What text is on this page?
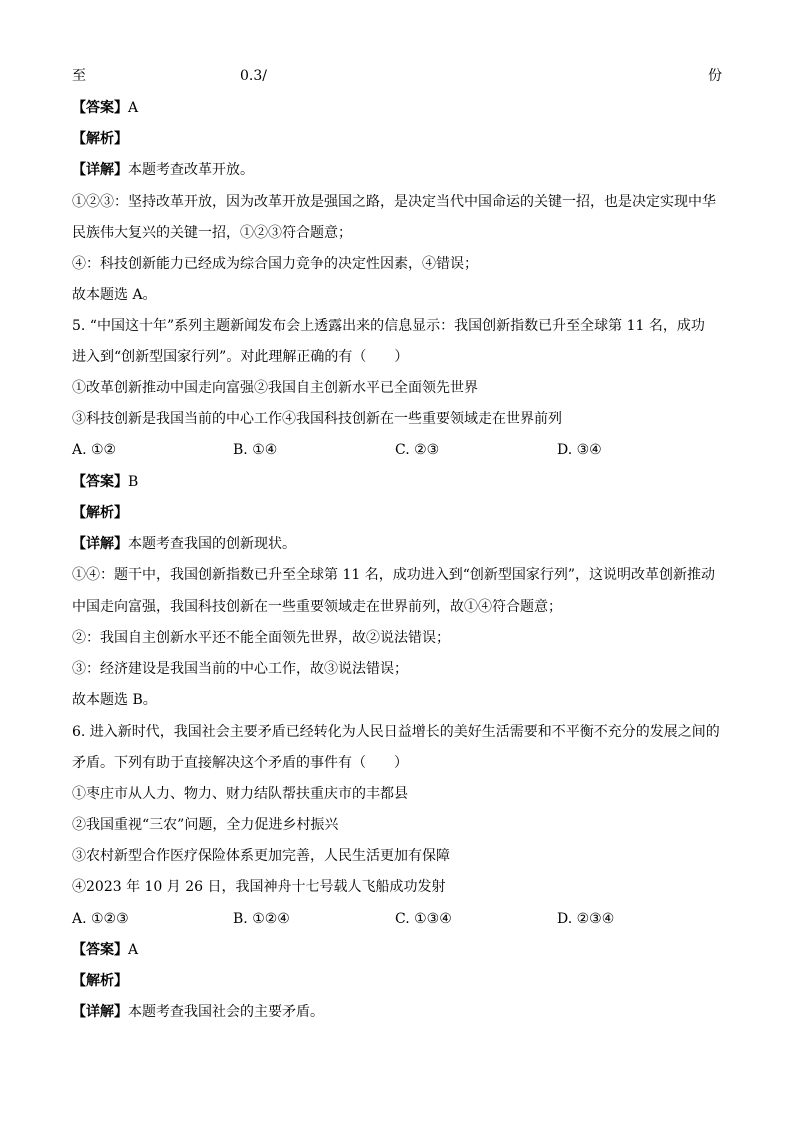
至	0.3/	份
【答案】A
【解析】
【详解】本题考查改革开放。
①②③：坚持改革开放，因为改革开放是强国之路，是决定当代中国命运的关键一招，也是决定实现中华
民族伟大复兴的关键一招，①②③符合题意；
④：科技创新能力已经成为综合国力竞争的决定性因素，④错误；
故本题选 A。
5. “中国这十年”系列主题新闻发布会上透露出来的信息显示：我国创新指数已升至全球第 11 名，成功
进入到“创新型国家行列”。对此理解正确的有（　　）
①改革创新推动中国走向富强②我国自主创新水平已全面领先世界
③科技创新是我国当前的中心工作④我国科技创新在一些重要领域走在世界前列
A. ①②	B. ①④	C. ②③	D. ③④
【答案】B
【解析】
【详解】本题考查我国的创新现状。
①④：题干中，我国创新指数已升至全球第 11 名，成功进入到“创新型国家行列”，这说明改革创新推动
中国走向富强，我国科技创新在一些重要领域走在世界前列，故①④符合题意；
②：我国自主创新水平还不能全面领先世界，故②说法错误；
③：经济建设是我国当前的中心工作，故③说法错误；
故本题选 B。
6. 进入新时代，我国社会主要矛盾已经转化为人民日益增长的美好生活需要和不平衡不充分的发展之间的
矛盾。下列有助于直接解决这个矛盾的事件有（　　）
①枣庄市从人力、物力、财力结队帮扶重庆市的丰都县
②我国重视“三农”问题，全力促进乡村振兴
③农村新型合作医疗保险体系更加完善，人民生活更加有保障
④2023 年 10 月 26 日，我国神舟十七号载人飞船成功发射
A. ①②③	B. ①②④	C. ①③④	D. ②③④
【答案】A
【解析】
【详解】本题考查我国社会的主要矛盾。
